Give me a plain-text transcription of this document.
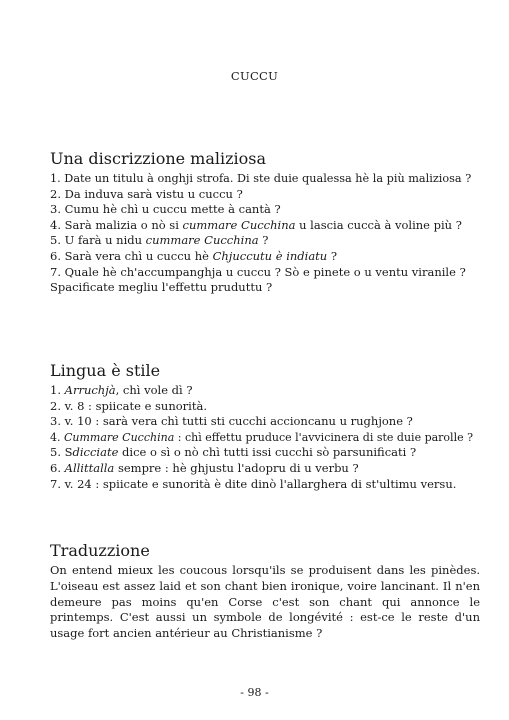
CUCCU
Una discrizzione maliziosa
1. Date un titulu à onghji strofa. Di ste duie qualessa hè la più maliziosa ?
2. Da induva sarà vistu u cuccu ?
3. Cumu hè chì u cuccu mette à cantà ?
4. Sarà malizia o nò si cummare Cucchina u lascia cuccà à voline più ?
5. U farà u nidu cummare Cucchina ?
6. Sarà vera chì u cuccu hè Chjuccutu è indiatu ?
7. Quale hè ch'accumpanghja u cuccu ? Sò e pinete o u ventu viranile ?
Spacificate megliu l'effettu pruduttu ?
Lingua è stile
1. Arruchjà, chì vole dì ?
2. v. 8 : spiicate e sunorità.
3. v. 10 : sarà vera chì tutti sti cucchi accioncanu u rughjone ?
4. Cummare Cucchina : chì effettu pruduce l'avvicinera di ste duie parolle ?
5. Sdicciate dice o sì o nò chì tutti issi cucchi sò parsunificati ?
6. Allittalla sempre : hè ghjustu l'adopru di u verbu ?
7. v. 24 : spiicate e sunorità è dite dinò l'allarghera di st'ultimu versu.
Traduzzione

On entend mieux les coucous lorsqu'ils se produisent dans les pinèdes. L'oiseau est assez laid et son chant bien ironique, voire lancinant. Il n'en demeure pas moins qu'en Corse c'est son chant qui annonce le printemps. C'est aussi un symbole de longévité : est-ce le reste d'un usage fort ancien antérieur au Christianisme ?

- 98 -
